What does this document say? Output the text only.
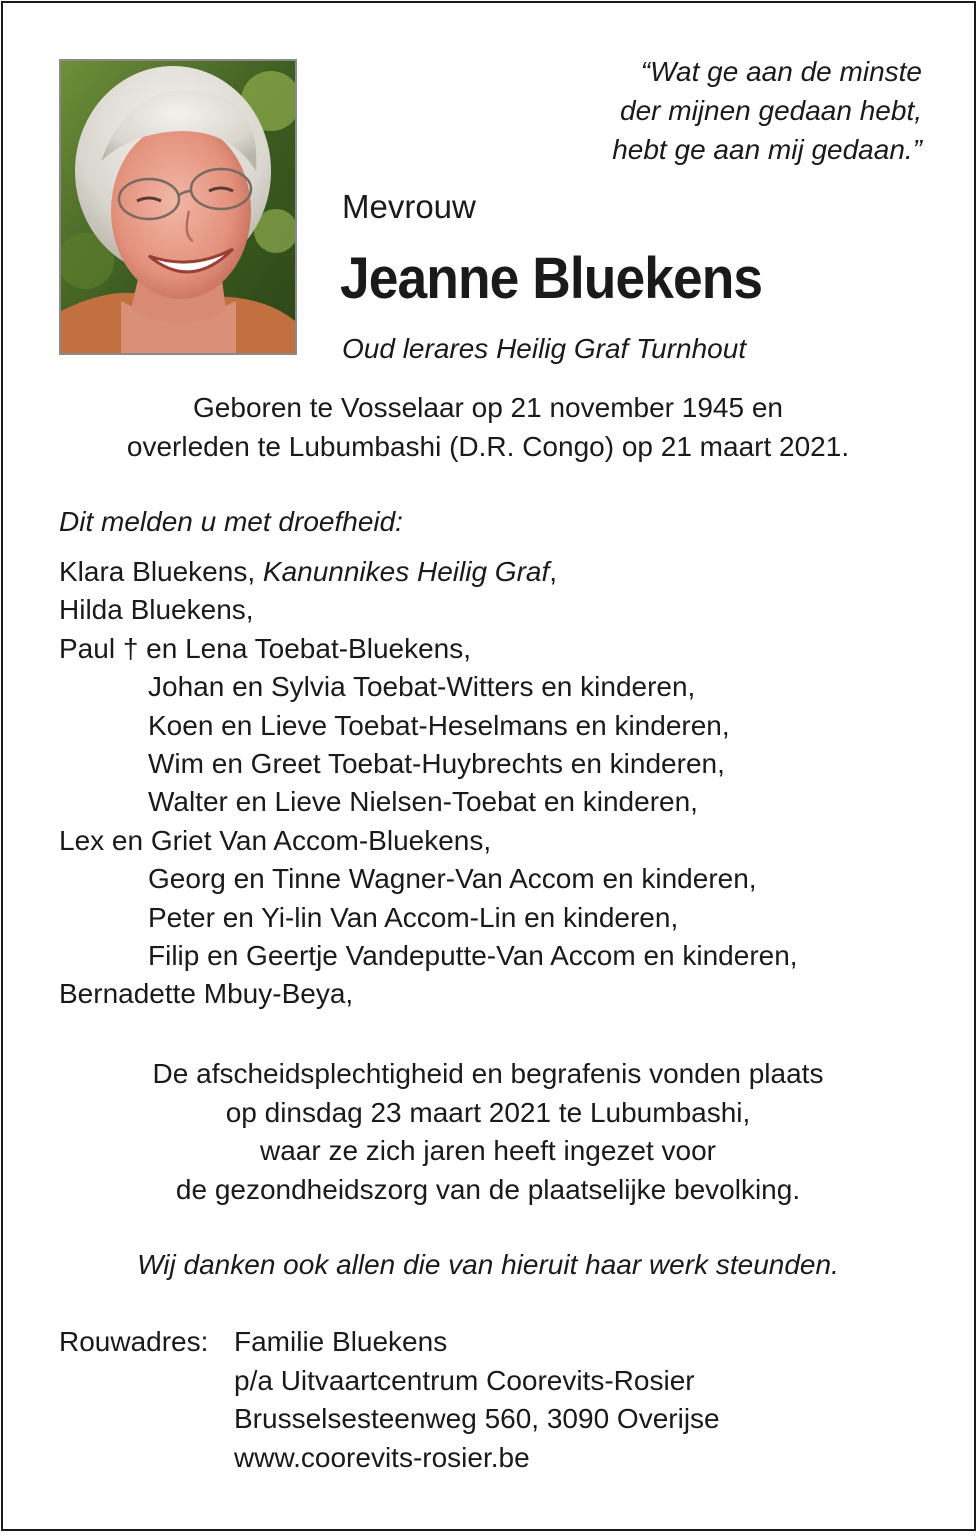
“Wat ge aan de minste
der mijnen gedaan hebt,
hebt ge aan mij gedaan.”
Mevrouw
Jeanne Bluekens
Oud lerares Heilig Graf Turnhout
Geboren te Vosselaar op 21 november 1945 en
overleden te Lubumbashi (D.R. Congo) op 21 maart 2021.
Dit melden u met droefheid:
Klara Bluekens, Kanunnikes Heilig Graf,
Hilda Bluekens,
Paul † en Lena Toebat-Bluekens,
Johan en Sylvia Toebat-Witters en kinderen,
Koen en Lieve Toebat-Heselmans en kinderen,
Wim en Greet Toebat-Huybrechts en kinderen,
Walter en Lieve Nielsen-Toebat en kinderen,
Lex en Griet Van Accom-Bluekens,
Georg en Tinne Wagner-Van Accom en kinderen,
Peter en Yi-lin Van Accom-Lin en kinderen,
Filip en Geertje Vandeputte-Van Accom en kinderen,
Bernadette Mbuy-Beya,
De afscheidsplechtigheid en begrafenis vonden plaats
op dinsdag 23 maart 2021 te Lubumbashi,
waar ze zich jaren heeft ingezet voor
de gezondheidszorg van de plaatselijke bevolking.
Wij danken ook allen die van hieruit haar werk steunden.
Rouwadres: Familie Bluekens
p/a Uitvaartcentrum Coorevits-Rosier
Brusselsesteenweg 560, 3090 Overijse
www.coorevits-rosier.be
